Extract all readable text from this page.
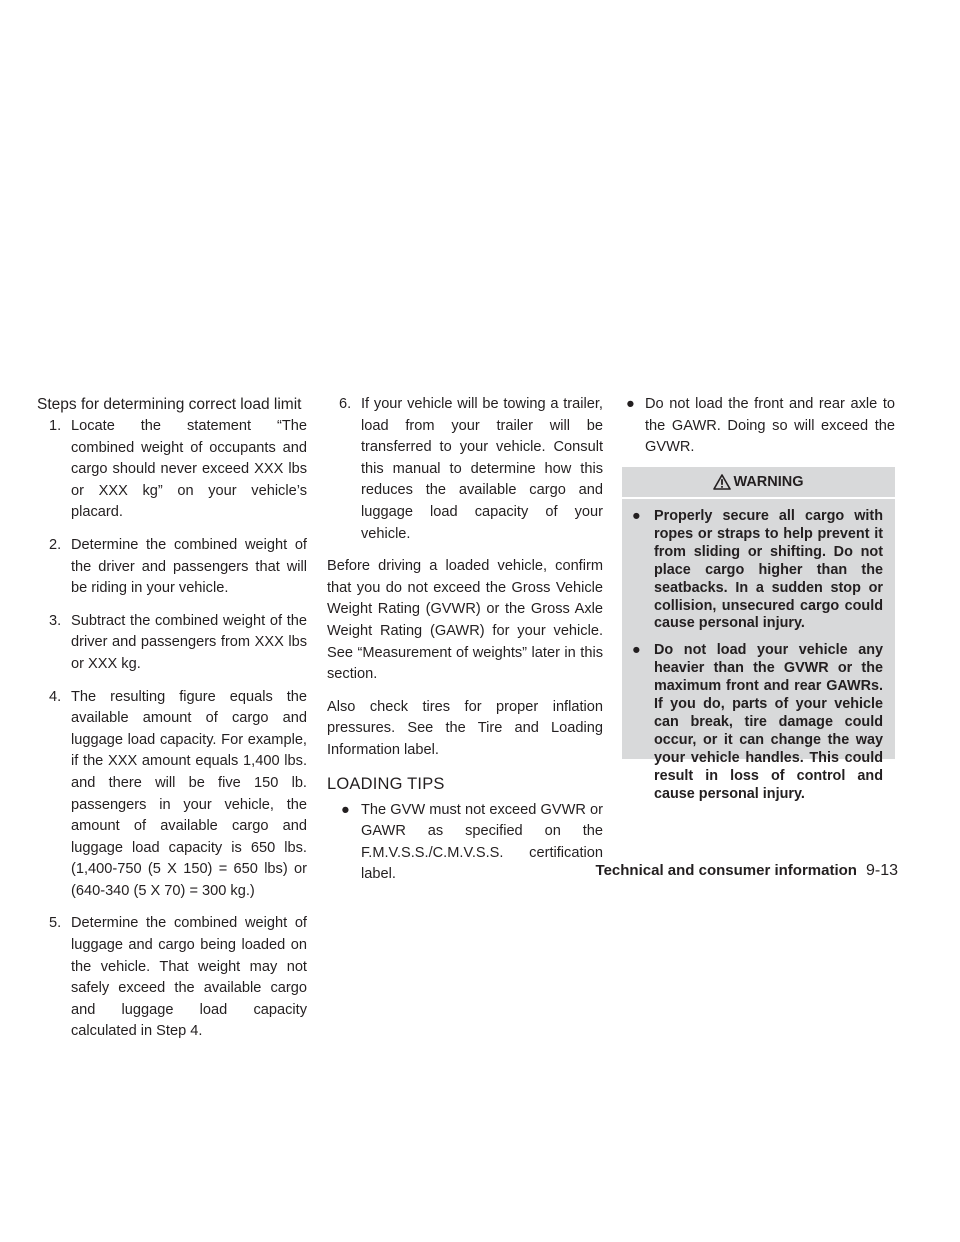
Steps for determining correct load limit
1. Locate the statement “The combined weight of occupants and cargo should never exceed XXX lbs or XXX kg” on your vehicle’s placard.
2. Determine the combined weight of the driver and passengers that will be riding in your vehicle.
3. Subtract the combined weight of the driver and passengers from XXX lbs or XXX kg.
4. The resulting figure equals the available amount of cargo and luggage load capacity. For example, if the XXX amount equals 1,400 lbs. and there will be five 150 lb. passengers in your vehicle, the amount of available cargo and luggage load capacity is 650 lbs. (1,400-750 (5 X 150) = 650 lbs) or (640-340 (5 X 70) = 300 kg.)
5. Determine the combined weight of luggage and cargo being loaded on the vehicle. That weight may not safely exceed the available cargo and luggage load capacity calculated in Step 4.
6. If your vehicle will be towing a trailer, load from your trailer will be transferred to your vehicle. Consult this manual to determine how this reduces the available cargo and luggage load capacity of your vehicle.

Before driving a loaded vehicle, confirm that you do not exceed the Gross Vehicle Weight Rating (GVWR) or the Gross Axle Weight Rating (GAWR) for your vehicle. See “Measurement of weights” later in this section.

Also check tires for proper inflation pressures. See the Tire and Loading Information label.

LOADING TIPS
● The GVW must not exceed GVWR or GAWR as specified on the F.M.V.S.S./C.M.V.S.S. certification label.
● Do not load the front and rear axle to the GAWR. Doing so will exceed the GVWR.
WARNING
● Properly secure all cargo with ropes or straps to help prevent it from sliding or shifting. Do not place cargo higher than the seatbacks. In a sudden stop or collision, unsecured cargo could cause personal injury.
● Do not load your vehicle any heavier than the GVWR or the maximum front and rear GAWRs. If you do, parts of your vehicle can break, tire damage could occur, or it can change the way your vehicle handles. This could result in loss of control and cause personal injury.
Technical and consumer information 9-13
